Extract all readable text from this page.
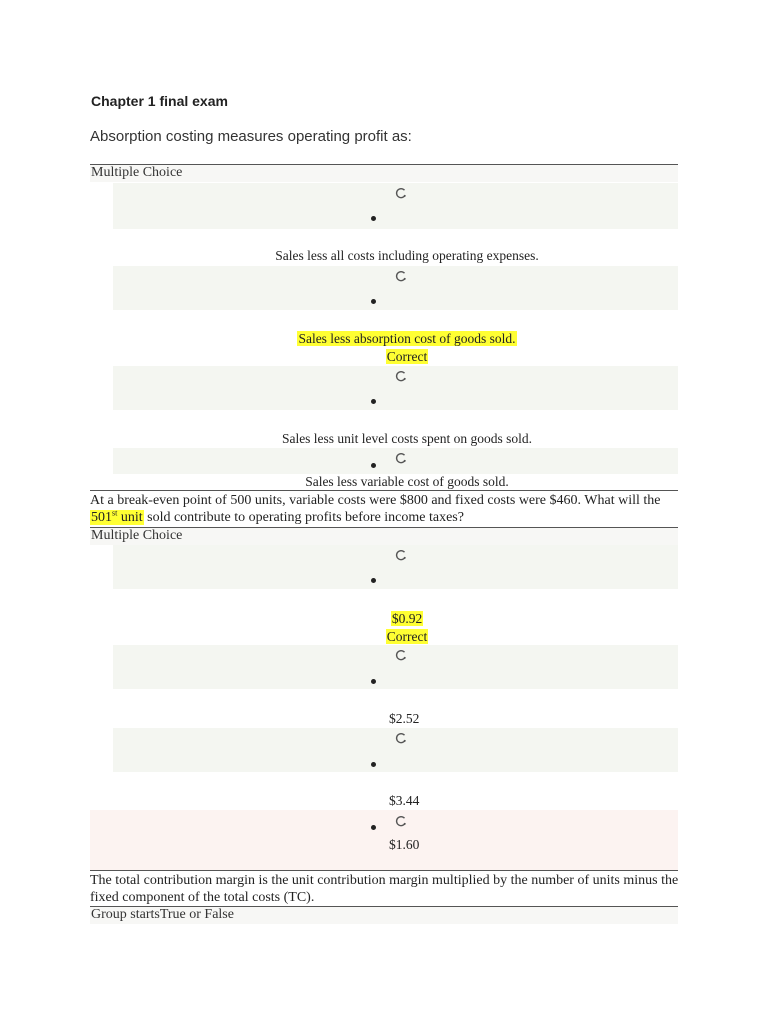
Chapter 1 final exam
Absorption costing measures operating profit as:
Multiple Choice
Sales less all costs including operating expenses.
Sales less absorption cost of goods sold.
Correct
Sales less unit level costs spent on goods sold.
Sales less variable cost of goods sold.
At a break-even point of 500 units, variable costs were $800 and fixed costs were $460. What will the 501st unit sold contribute to operating profits before income taxes?
Multiple Choice
$0.92
Correct
$2.52
$3.44
$1.60
The total contribution margin is the unit contribution margin multiplied by the number of units minus the fixed component of the total costs (TC).
Group startsTrue or False
